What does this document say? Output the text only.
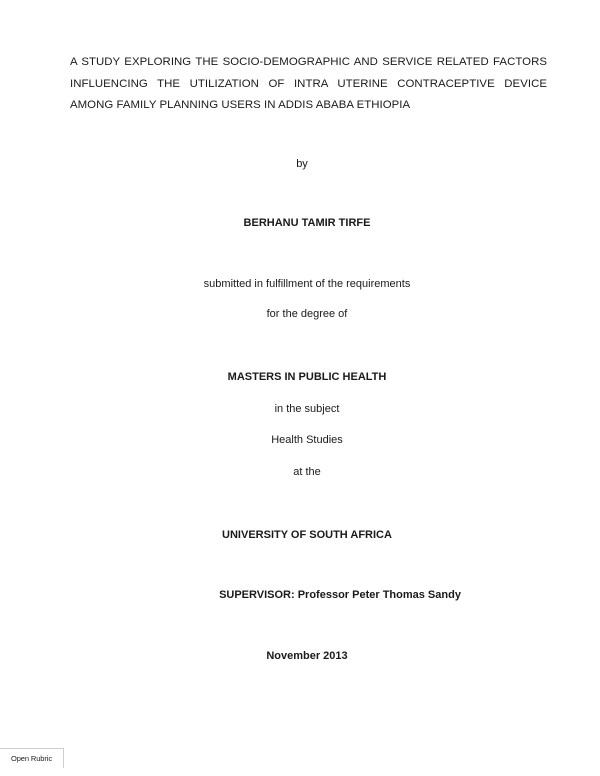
A STUDY EXPLORING THE SOCIO-DEMOGRAPHIC AND SERVICE RELATED FACTORS INFLUENCING THE UTILIZATION OF INTRA UTERINE CONTRACEPTIVE DEVICE AMONG FAMILY PLANNING USERS IN ADDIS ABABA ETHIOPIA
by
BERHANU TAMIR TIRFE
submitted in fulfillment of the requirements
for the degree of
MASTERS IN PUBLIC HEALTH
in the subject
Health Studies
at the
UNIVERSITY OF SOUTH AFRICA
SUPERVISOR: Professor Peter Thomas Sandy
November 2013
Open Rubric
